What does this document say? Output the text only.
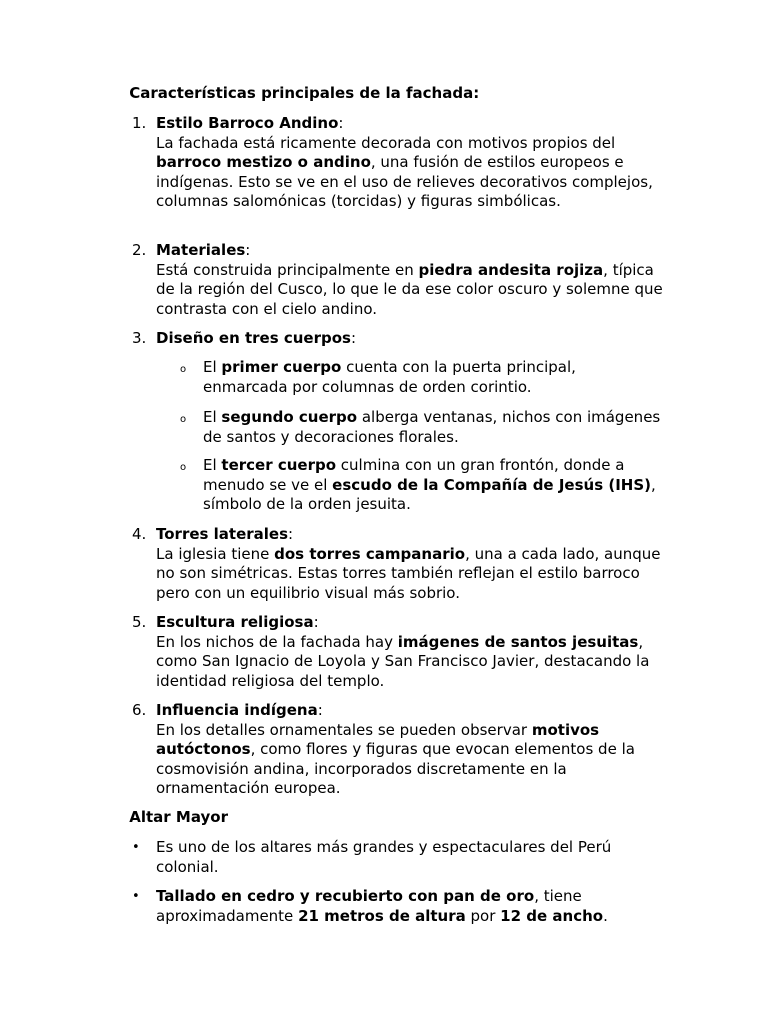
Características principales de la fachada:
1. Estilo Barroco Andino:
La fachada está ricamente decorada con motivos propios del barroco mestizo o andino, una fusión de estilos europeos e indígenas. Esto se ve en el uso de relieves decorativos complejos, columnas salomónicas (torcidas) y figuras simbólicas.
2. Materiales:
Está construida principalmente en piedra andesita rojiza, típica de la región del Cusco, lo que le da ese color oscuro y solemne que contrasta con el cielo andino.
3. Diseño en tres cuerpos:
o El primer cuerpo cuenta con la puerta principal, enmarcada por columnas de orden corintio.
o El segundo cuerpo alberga ventanas, nichos con imágenes de santos y decoraciones florales.
o El tercer cuerpo culmina con un gran frontón, donde a menudo se ve el escudo de la Compañía de Jesús (IHS), símbolo de la orden jesuita.
4. Torres laterales:
La iglesia tiene dos torres campanario, una a cada lado, aunque no son simétricas. Estas torres también reflejan el estilo barroco pero con un equilibrio visual más sobrio.
5. Escultura religiosa:
En los nichos de la fachada hay imágenes de santos jesuitas, como San Ignacio de Loyola y San Francisco Javier, destacando la identidad religiosa del templo.
6. Influencia indígena:
En los detalles ornamentales se pueden observar motivos autóctonos, como flores y figuras que evocan elementos de la cosmovisión andina, incorporados discretamente en la ornamentación europea.
Altar Mayor
• Es uno de los altares más grandes y espectaculares del Perú colonial.
• Tallado en cedro y recubierto con pan de oro, tiene aproximadamente 21 metros de altura por 12 de ancho.
